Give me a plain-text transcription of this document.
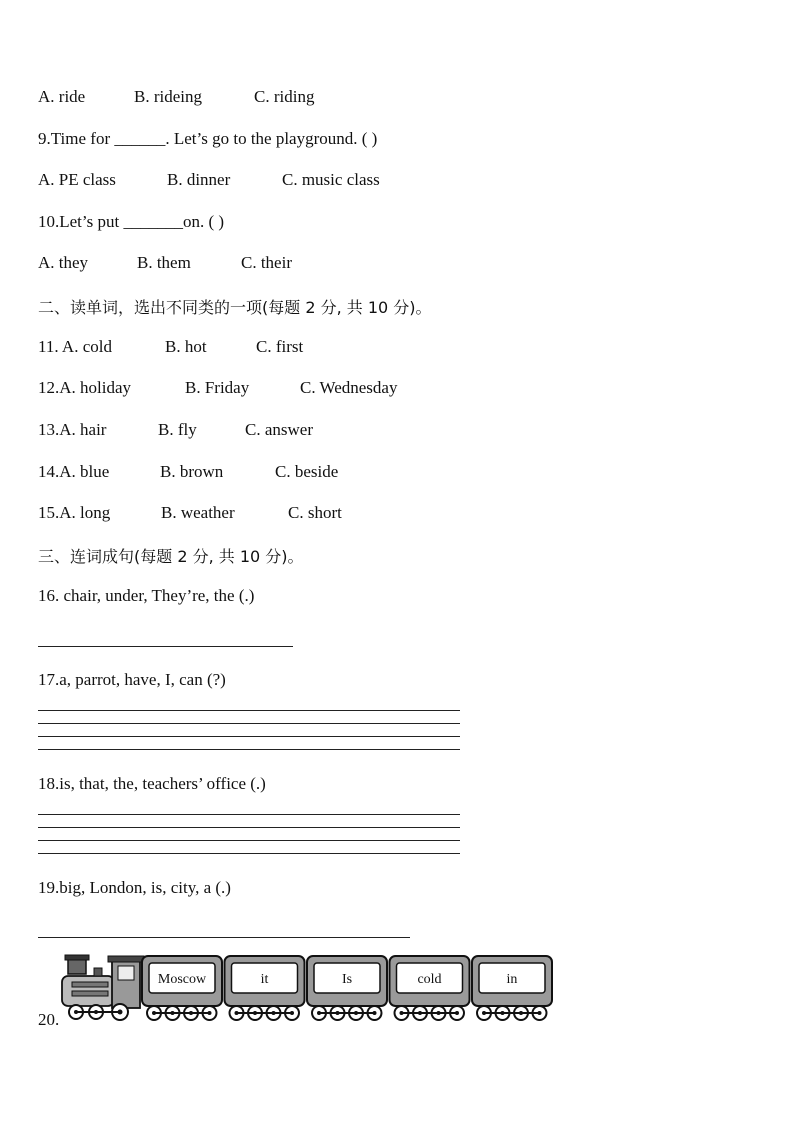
A. ride	B. rideing	C. riding
9.Time for ______. Let’s go to the playground. ( )
A. PE class	B. dinner	C. music class
10.Let’s put _______on. ( )
A. they	B. them	C. their
二、读单词，选出不同类的一项(每题 2 分, 共 10 分)。
11. A. cold	B. hot	C. first
12.A. holiday	B. Friday	C. Wednesday
13.A. hair	B. fly	C. answer
14.A. blue	B. brown	C. beside
15.A. long	B. weather	C. short
三、连词成句(每题 2 分, 共 10 分)。
16. chair, under, They’re, the (.)
17.a, parrot, have, I, can (?)
18.is, that, the, teachers’ office (.)
19.big, London, is, city, a (.)
20.
Moscow	it	Is	cold	in
